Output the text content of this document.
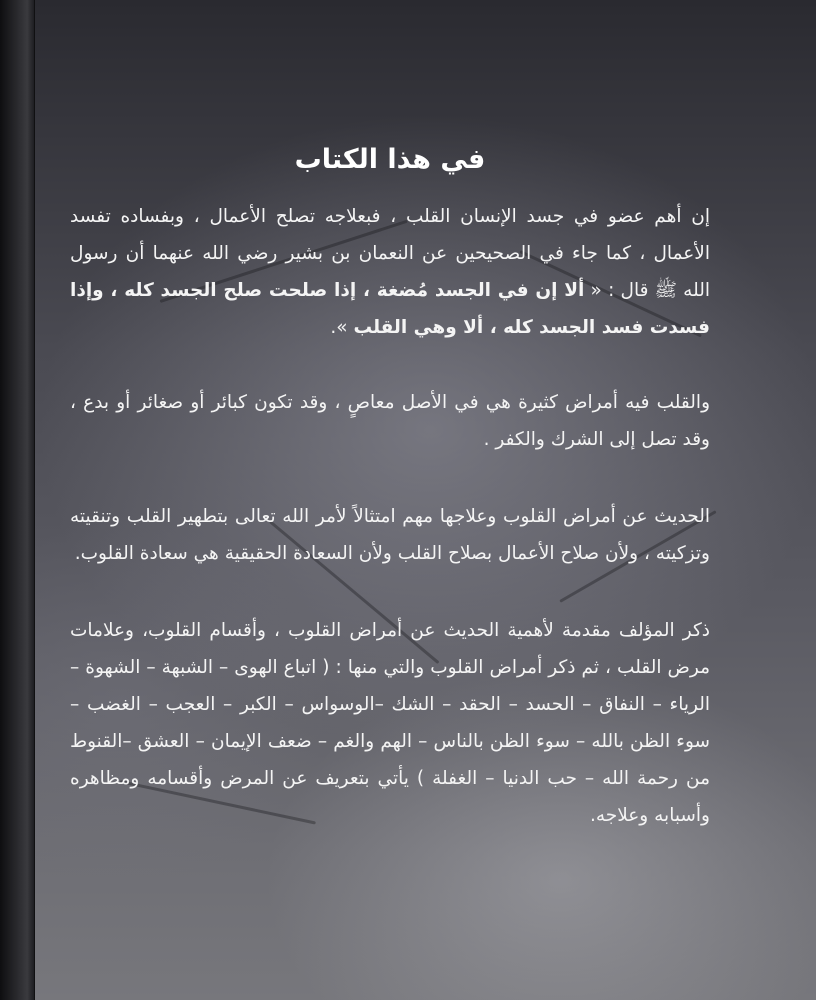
في هذا الكتاب

إن أهم عضو في جسد الإنسان القلب ، فبعلاجه تصلح الأعمال ، وبفساده تفسد الأعمال ، كما جاء في الصحيحين عن النعمان بن بشير رضي الله عنهما أن رسول الله ﷺ قال : « ألا إن في الجسد مُضغة ، إذا صلحت صلح الجسد كله ، وإذا فسدت فسد الجسد كله ، ألا وهي القلب ».

والقلب فيه أمراض كثيرة هي في الأصل معاصٍ ، وقد تكون كبائر أو صغائر أو بدع ، وقد تصل إلى الشرك والكفر .

الحديث عن أمراض القلوب وعلاجها مهم امتثالاً لأمر الله تعالى بتطهير القلب وتنقيته وتزكيته ، ولأن صلاح الأعمال بصلاح القلب ولأن السعادة الحقيقية هي سعادة القلوب.

ذكر المؤلف مقدمة لأهمية الحديث عن أمراض القلوب ، وأقسام القلوب، وعلامات مرض القلب ، ثم ذكر أمراض القلوب والتي منها : ( اتباع الهوى – الشبهة – الشهوة – الرياء – النفاق – الحسد – الحقد – الشك –الوسواس – الكبر – العجب – الغضب – سوء الظن بالله – سوء الظن بالناس – الهم والغم – ضعف الإيمان – العشق –القنوط من رحمة الله – حب الدنيا – الغفلة ) يأتي بتعريف عن المرض وأقسامه ومظاهره وأسبابه وعلاجه.
